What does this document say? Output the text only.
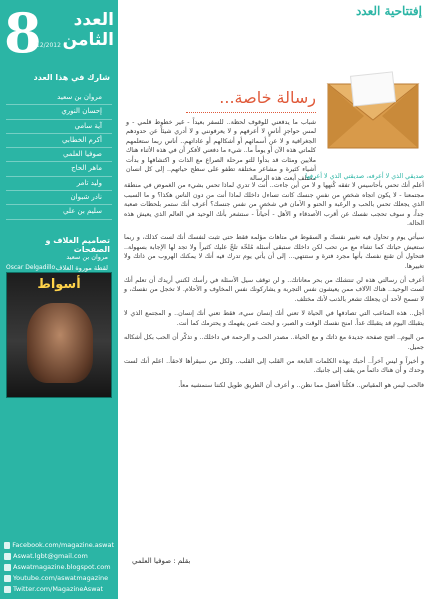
8	العدد الثامن
12/2012
شارك في هذا العدد
مروان بن سعيد
إحسان النوري
آية سامي
أكرم الخطابي
صوفيا العلمي
ماهر الحاج
وليد تامر
نادر شبوان
سليم بن علي
تصاميم الغلاف و الصفحات
مروان بن سعيد
لقطة موروة الغلاف
Oscar Delgadillo
أسواط
Facebook.com/magazine.aswat
Aswat.lgbt@gmail.com
Aswatmagazine.blogspot.com
Youtube.com/aswatmagazine
Twitter.com/MagazineAswat
إفتتاحية العدد
رسالة خاصة...
شباب ما يدفعني للوقوف لحظة.. للسفر بعيداً - غير خطوط قلمي - و لمس حواجزِ أناسٍ لا أعرفهم و لا يعرفونني و لا أدري شيئاً عن حدودهم الجغرافية و لا عن أسمائهم أو أشكالهم أو عاداتهم.. أناس ربما ستعلمهم كلماتي هذه الآن أو يوماً ما.. شيء ما دفعني لأفكر أن في هذه الأثناء هناك ملايين ومئات قد بدأوا للتو مرحلة الصراع مع الذات و اكتشافها و بدأت أشياء كثيرة و مشاعر مختلفة تطفو على سطح حياتهم.. إلى كل انسان مختلف أبعث هذه الرسالة
صديقي الذي لا أعرفه، صديقتي الذي لا أعرفها
أعلم أنك تحس بأحاسيس لا تفقه كُنهها و لا من أين جاءت.. أنت لا تدري لماذا تحس بشيء من الغموض في منطقة مجتمعنا - لا يكون اتجاه شخصٍ من نفسِ جنسك كانت تساءل داخلك لماذا أنت من دون الناس هكذا؟ و ما السبب الذي يجعلك تحس بالحب و الرغبة و الحنو و الأمان في شخصٍ من نفس جنسك؟ أعرف أنك ستمر بلحظات صعبة جداً، و سوف تحجب نفسك عن أقرب الأصدقاء و الأهل - أحياناً - ستشعر بأنك الوحيد في العالم الذي يعيش هذه الحالة.
سيأتي يوم و تحاول فيه تغيير نفسك و السقوط في متاهات مؤلمة فقط حتى تثبت لنفسك أنك لست كذلك، و ربما ستعيش حياتك كما تشاء مع من تحب لكن داخلك ستبقى أسئلة مُلحّة تلحّ عليك كثيراً ولا تجد لها الإجابة بسهولة.. فتحاول أن تقنع نفسك بأنها مجرد فترة و ستنتهي... إلى أن يأتي يوم تدرك فيه أنك لا يمكنك الهروب من ذاتك ولا تغييرها.
أعرف أن رسالتي هذه لن تنتشلك من بحر معاناتك.. و لن توقف سيل الأسئلة في رأسك لكنني أريدك أن تعلم أنك لست الوحيد.. هناك الآلاف ممن يعيشون نفس التجربة و يشاركونك نفس المخاوف و الأحلام. لا تخجل من نفسك، و لا تسمح لأحد أن يجعلك تشعر بالذنب لأنك مختلف.
أجل.. هذه المتاعب التي تصادفها في الحياة لا تعني أنك إنسان سيء، فقط تعني أنك إنسان.. و المجتمع الذي لا يتقبلك اليوم قد يتقبلك غداً. امنح نفسك الوقت و الصبر، و ابحث عمن يفهمك و يحترمك كما أنت.
من اليوم.. افتح صفحة جديدة مع ذاتك و مع الحياة.. مصدر الحب و الرحمة في داخلك.. و تذكّر أن الحب بكل أشكاله جميل.
و أخيراً و ليس آخراً.. أحبك بهذه الكلمات النابعة من القلب إلى القلب.. ولكل من سيقرأها لاحقاً.. اعلم أنك لست وحدك و أن هناك دائماً من يقف إلى جانبك.
فالحب ليس هو المقياس.. فكلّنا أفضل مما نظن.. و أعرف أن الطريق طويل لكننا سنمشيه معاً.
بقلم : صوفيا العلمي
